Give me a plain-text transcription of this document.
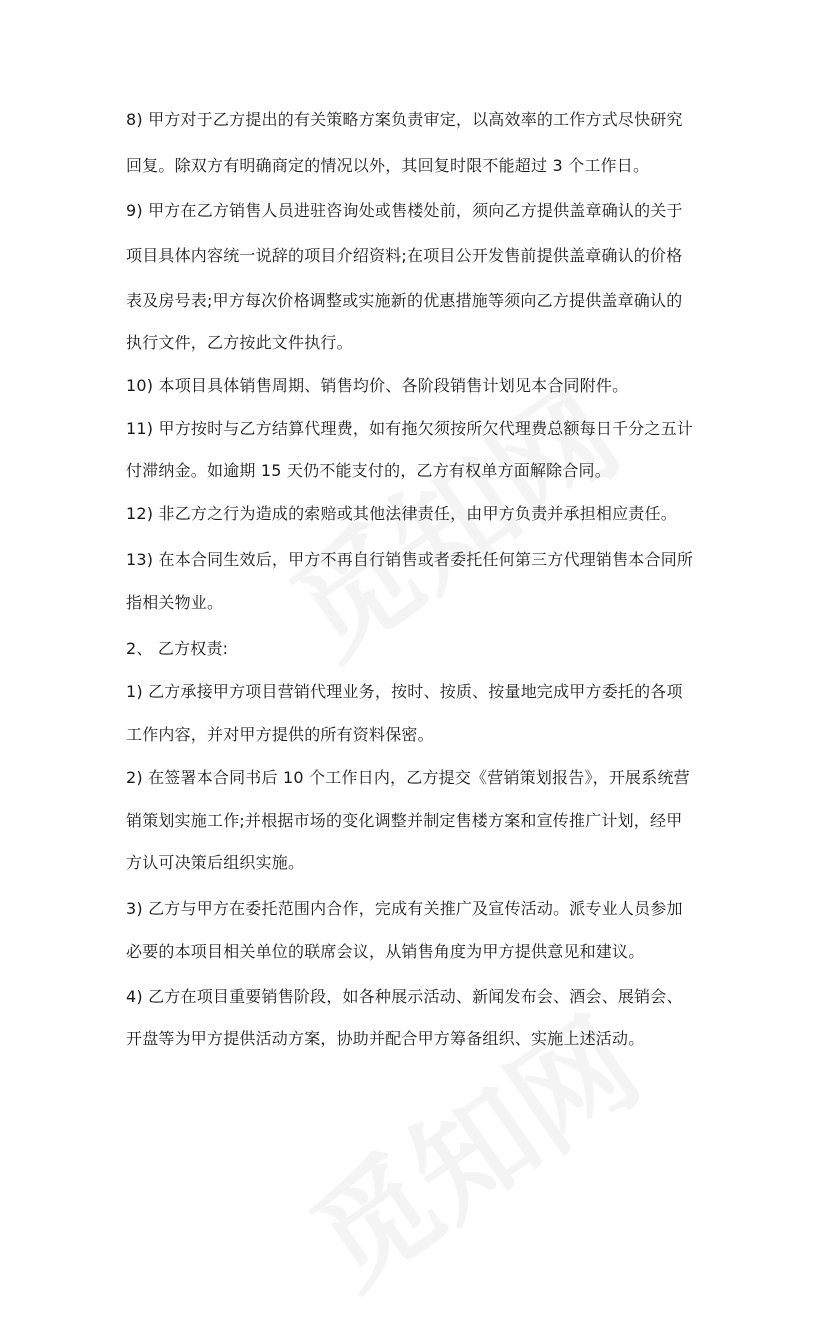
8) 甲方对于乙方提出的有关策略方案负责审定，以高效率的工作方式尽快研究
回复。除双方有明确商定的情况以外，其回复时限不能超过 3 个工作日。
9) 甲方在乙方销售人员进驻咨询处或售楼处前，须向乙方提供盖章确认的关于
项目具体内容统一说辞的项目介绍资料;在项目公开发售前提供盖章确认的价格
表及房号表;甲方每次价格调整或实施新的优惠措施等须向乙方提供盖章确认的
执行文件，乙方按此文件执行。
10) 本项目具体销售周期、销售均价、各阶段销售计划见本合同附件。
11) 甲方按时与乙方结算代理费，如有拖欠须按所欠代理费总额每日千分之五计
付滞纳金。如逾期 15 天仍不能支付的，乙方有权单方面解除合同。
12) 非乙方之行为造成的索赔或其他法律责任，由甲方负责并承担相应责任。
13) 在本合同生效后，甲方不再自行销售或者委托任何第三方代理销售本合同所
指相关物业。
2、 乙方权责:
1) 乙方承接甲方项目营销代理业务，按时、按质、按量地完成甲方委托的各项
工作内容，并对甲方提供的所有资料保密。
2) 在签署本合同书后 10 个工作日内，乙方提交《营销策划报告》，开展系统营
销策划实施工作;并根据市场的变化调整并制定售楼方案和宣传推广计划，经甲
方认可决策后组织实施。
3) 乙方与甲方在委托范围内合作，完成有关推广及宣传活动。派专业人员参加
必要的本项目相关单位的联席会议，从销售角度为甲方提供意见和建议。
4) 乙方在项目重要销售阶段，如各种展示活动、新闻发布会、酒会、展销会、
开盘等为甲方提供活动方案，协助并配合甲方筹备组织、实施上述活动。
